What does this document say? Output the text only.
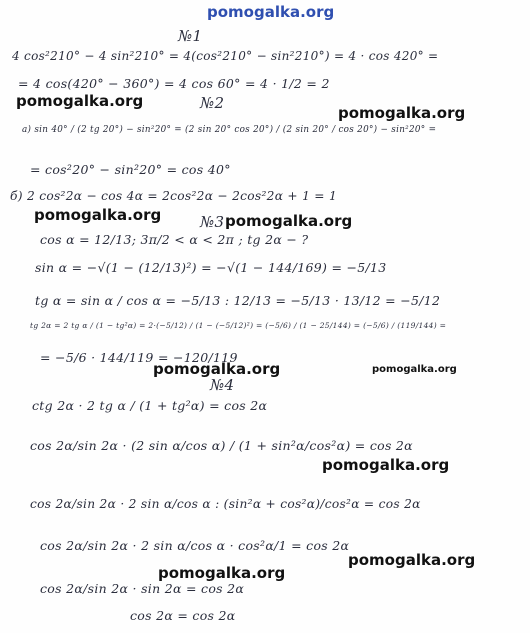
pomogalka.org
№1
4 cos²210° − 4 sin²210° = 4(cos²210° − sin²210°) = 4 · cos 420° =
= 4 cos(420° − 360°) = 4 cos 60° = 4 · 1/2 = 2
№2
a) sin 40° / (2 tg 20°) − sin²20° = (2 sin 20° cos 20°) / (2 sin 20° / cos 20°) − sin²20° =
= cos²20° − sin²20° = cos 40°
б) 2 cos²2α − cos 4α = 2cos²2α − 2cos²2α + 1 = 1
№3
cos α = 12/13; 3π/2 < α < 2π ; tg 2α − ?
sin α = −√(1 − (12/13)²) = −√(1 − 144/169) = −5/13
tg α = sin α / cos α = −5/13 : 12/13 = −5/13 · 13/12 = −5/12
tg 2α = 2 tg α / (1 − tg²α) = 2·(−5/12) / (1 − (−5/12)²) = (−5/6) / (1 − 25/144) = (−5/6) / (119/144) =
= −5/6 · 144/119 = −120/119
№4
ctg 2α · 2 tg α / (1 + tg²α) = cos 2α
cos 2α/sin 2α · (2 sin α/cos α) / (1 + sin²α/cos²α) = cos 2α
cos 2α/sin 2α · 2 sin α/cos α : (sin²α + cos²α)/cos²α = cos 2α
cos 2α/sin 2α · 2 sin α/cos α · cos²α/1 = cos 2α
cos 2α/sin 2α · sin 2α = cos 2α
cos 2α = cos 2α
pomogalka.org
pomogalka.org
pomogalka.org	pomogalka.org
pomogalka.org	pomogalka.org
pomogalka.org
pomogalka.org
pomogalka.org
